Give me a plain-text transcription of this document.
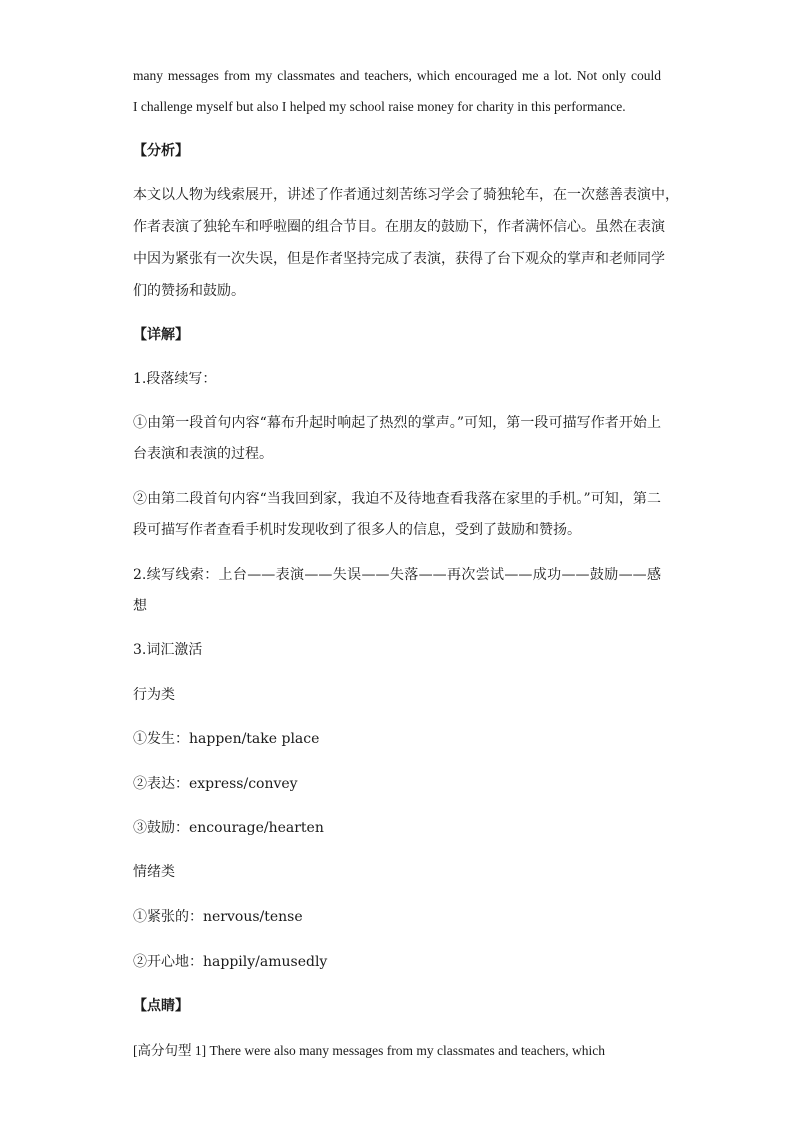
many messages from my classmates and teachers, which encouraged me a lot. Not only could
I challenge myself but also I helped my school raise money for charity in this performance.
【分析】
本文以人物为线索展开，讲述了作者通过刻苦练习学会了骑独轮车，在一次慈善表演中，
作者表演了独轮车和呼啦圈的组合节目。在朋友的鼓励下，作者满怀信心。虽然在表演
中因为紧张有一次失误，但是作者坚持完成了表演，获得了台下观众的掌声和老师同学
们的赞扬和鼓励。
【详解】
1.段落续写：
①由第一段首句内容“幕布升起时响起了热烈的掌声。”可知，第一段可描写作者开始上
台表演和表演的过程。
②由第二段首句内容“当我回到家，我迫不及待地查看我落在家里的手机。”可知，第二
段可描写作者查看手机时发现收到了很多人的信息，受到了鼓励和赞扬。
2.续写线索：上台——表演——失误——失落——再次尝试——成功——鼓励——感
想
3.词汇激活
行为类
①发生：happen/take place
②表达：express/convey
③鼓励：encourage/hearten
情绪类
①紧张的：nervous/tense
②开心地：happily/amusedly
【点睛】
[高分句型 1] There were also many messages from my classmates and teachers, which
